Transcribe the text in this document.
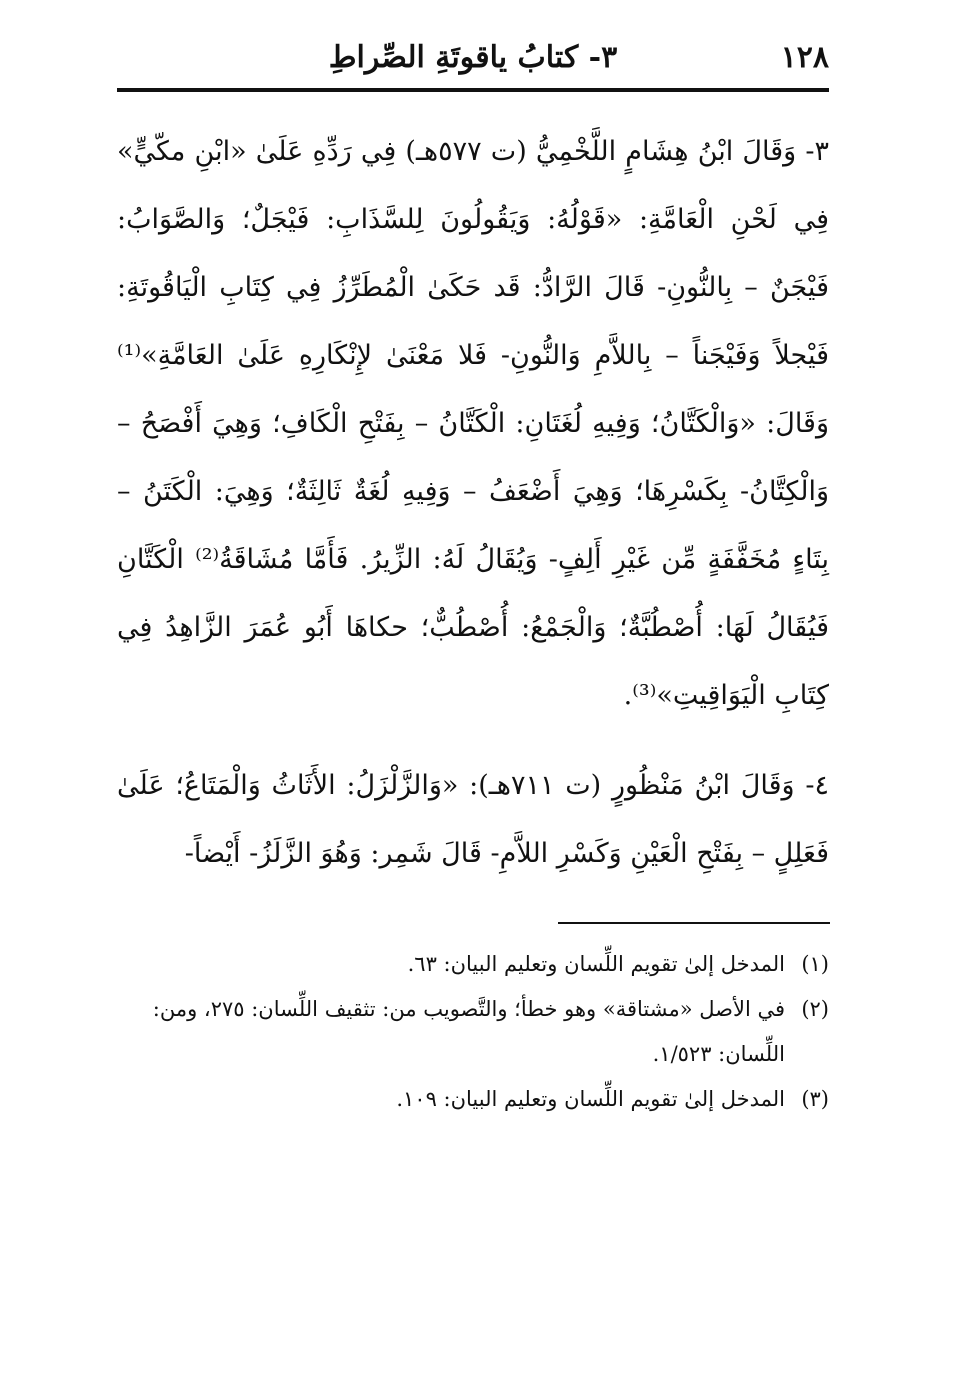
١٢٨
٣- كتابُ ياقوتَةِ الصِّراطِ

٣- وَقَالَ ابْنُ هِشَامٍ اللَّخْمِيُّ (ت ٥٧٧هـ) فِي رَدِّهِ عَلَىٰ «ابْنِ مكّيٍّ» فِي لَحْنِ الْعَامَّةِ: «قَوْلُهُ: وَيَقُولُونَ لِلسَّذَابِ: فَيْجَلٌ؛ وَالصَّوَابُ: فَيْجَنٌ – بِالنُّونِ- قَالَ الرَّادُّ: قَد حَكَىٰ الْمُطَرِّزُ فِي كِتَابِ الْيَاقُوتَةِ: فَيْجلاً وَفَيْجَناً – بِاللاَّمِ وَالنُّونِ- فَلا مَعْنَىٰ لإِنْكَارِهِ عَلَىٰ العَامَّةِ»⁽¹⁾ وَقَالَ: «وَالْكَتَّانُ؛ وَفِيهِ لُغَتَانِ: الْكَتَّانُ – بِفَتْحِ الْكَافِ؛ وَهِيَ أَفْصَحُ – وَالْكِتَّانُ- بِكَسْرِهَا؛ وَهِيَ أَضْعَفُ – وَفِيهِ لُغَةٌ ثَالِثَةٌ؛ وَهِيَ: الْكَتَنُ – بِتَاءٍ مُخَفَّفَةٍ مِّن غَيْرِ أَلِفٍ- وَيُقَالُ لَهُ: الزِّيرُ. فَأَمَّا مُشَاقَةُ⁽²⁾ الْكَتَّانِ فَيُقَالُ لَهَا: أُصْطُبَّةٌ؛ وَالْجَمْعُ: أُصْطُبٌّ؛ حكاهَا أَبُو عُمَرَ الزَّاهِدُ فِي كِتَابِ الْيَوَاقِيتِ»⁽³⁾.

٤- وَقَالَ ابْنُ مَنْظُورٍ (ت ٧١١هـ): «وَالزَّلْزَلُ: الأَثَاثُ وَالْمَتَاعُ؛ عَلَىٰ فَعَلِلٍ – بِفَتْحِ الْعَيْنِ وَكَسْرِ اللاَّمِ- قَالَ شَمِر: وَهُوَ الزَّلَزُ- أَيْضاً-

(١)
المدخل إلىٰ تقويم اللِّسان وتعليم البيان: ٦٣.
(٢)
في الأصل «مشتاقة» وهو خطأ؛ والتَّصويب من: تثقيف اللِّسان: ٢٧٥، ومن: اللِّسان: ١/٥٢٣.
(٣)
المدخل إلىٰ تقويم اللِّسان وتعليم البيان: ١٠٩.
